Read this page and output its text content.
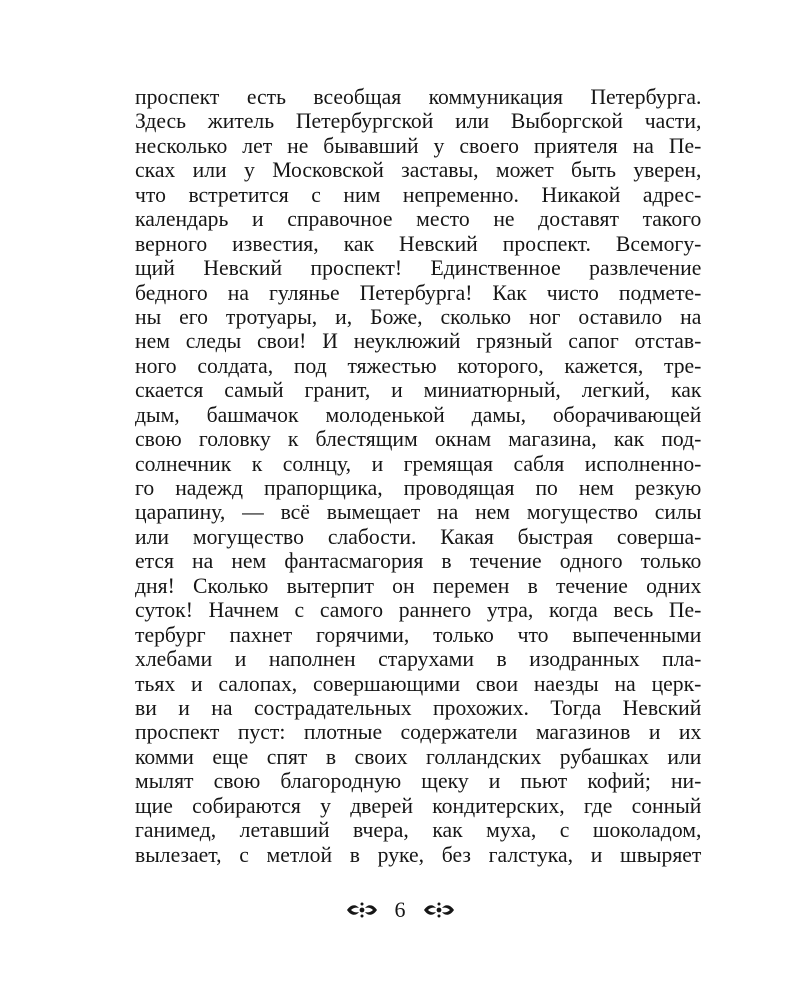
проспект есть всеобщая коммуникация Петербурга.
Здесь житель Петербургской или Выборгской части,
несколько лет не бывавший у своего приятеля на Пе-
сках или у Московской заставы, может быть уверен,
что встретится с ним непременно. Никакой адрес-
календарь и справочное место не доставят такого
верного известия, как Невский проспект. Всемогу-
щий Невский проспект! Единственное развлечение
бедного на гулянье Петербурга! Как чисто подмете-
ны его тротуары, и, Боже, сколько ног оставило на
нем следы свои! И неуклюжий грязный сапог отстав-
ного солдата, под тяжестью которого, кажется, тре-
скается самый гранит, и миниатюрный, легкий, как
дым, башмачок молоденькой дамы, оборачивающей
свою головку к блестящим окнам магазина, как под-
солнечник к солнцу, и гремящая сабля исполненно-
го надежд прапорщика, проводящая по нем резкую
царапину, — всё вымещает на нем могущество силы
или могущество слабости. Какая быстрая соверша-
ется на нем фантасмагория в течение одного только
дня! Сколько вытерпит он перемен в течение одних
суток! Начнем с самого раннего утра, когда весь Пе-
тербург пахнет горячими, только что выпеченными
хлебами и наполнен старухами в изодранных пла-
тьях и салопах, совершающими свои наезды на церк-
ви и на сострадательных прохожих. Тогда Невский
проспект пуст: плотные содержатели магазинов и их
комми еще спят в своих голландских рубашках или
мылят свою благородную щеку и пьют кофий; ни-
щие собираются у дверей кондитерских, где сонный
ганимед, летавший вчера, как муха, с шоколадом,
вылезает, с метлой в руке, без галстука, и швыряет
6
